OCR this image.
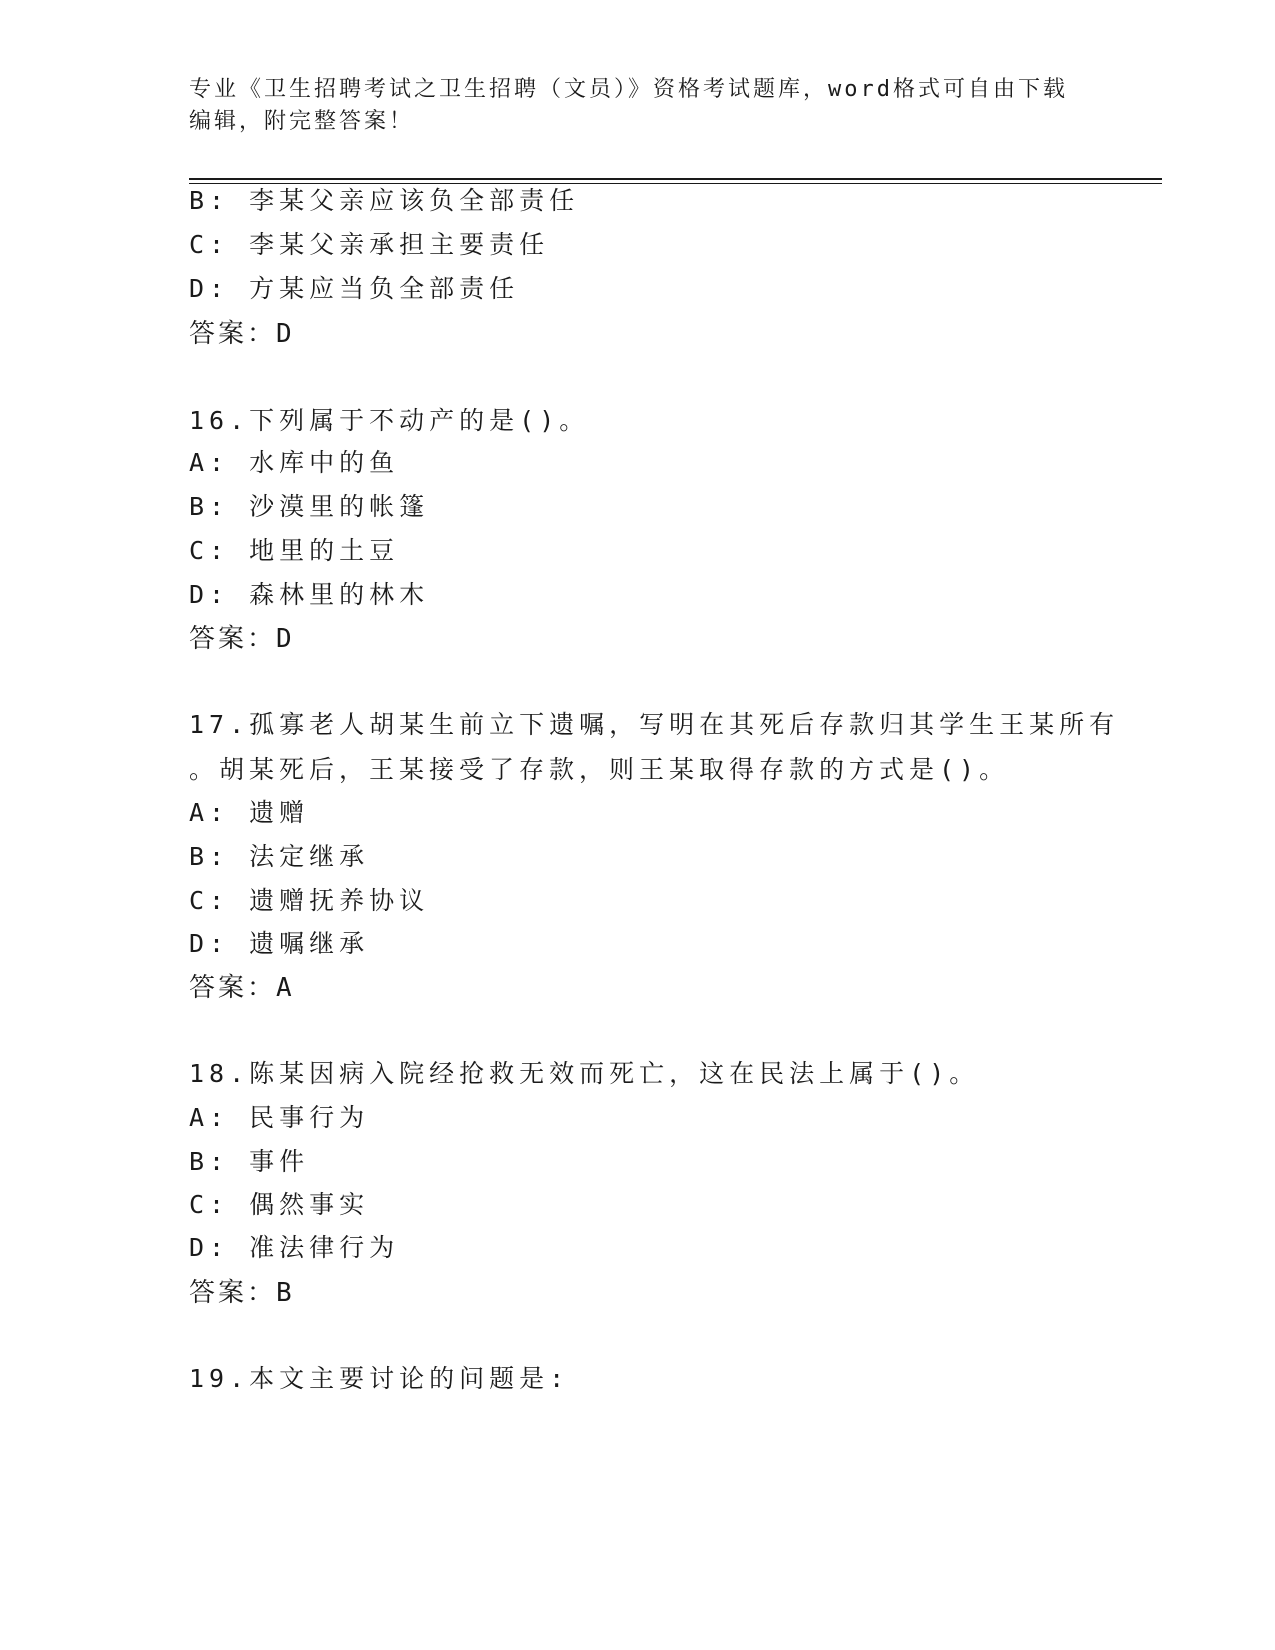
专业《卫生招聘考试之卫生招聘（文员）》资格考试题库，word格式可自由下载编辑，附完整答案！
B: 李某父亲应该负全部责任
C: 李某父亲承担主要责任
D: 方某应当负全部责任
答案：D
16.下列属于不动产的是()。
A: 水库中的鱼
B: 沙漠里的帐篷
C: 地里的土豆
D: 森林里的林木
答案：D
17.孤寡老人胡某生前立下遗嘱，写明在其死后存款归其学生王某所有
。胡某死后，王某接受了存款，则王某取得存款的方式是()。
A: 遗赠
B: 法定继承
C: 遗赠抚养协议
D: 遗嘱继承
答案：A
18.陈某因病入院经抢救无效而死亡，这在民法上属于()。
A: 民事行为
B: 事件
C: 偶然事实
D: 准法律行为
答案：B
19.本文主要讨论的问题是:
